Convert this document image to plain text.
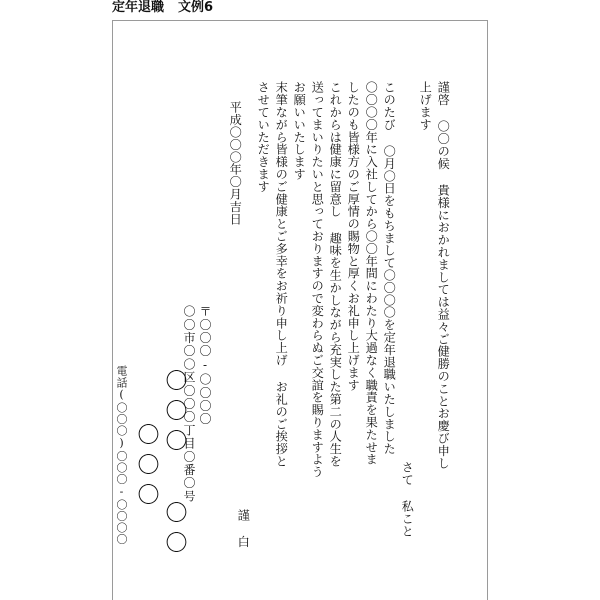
定年退職 文例6
謹啓 〇〇の候 貴様におかれましては益々ご健勝のことお慶び申し
上げます
さて 私こと
このたび 〇月〇日をもちまして〇〇〇〇を定年退職いたしました
〇〇〇〇年に入社してから〇〇年間にわたり大過なく職責を果たせま
したのも皆様方のご厚情の賜物と厚くお礼申し上げます
これからは健康に留意し 趣味を生かしながら充実した第二の人生を
送ってまいりたいと思っておりますので変わらぬご交誼を賜りますよう
お願いいたします
末筆ながら皆様のご健康とご多幸をお祈り申し上げ お礼のご挨拶と
させていただきます
謹白
平成〇〇〇年〇月吉日
〒〇〇〇-〇〇〇〇
〇〇市〇〇区〇〇〇丁目〇番〇号
〇〇〇
〇〇
〇〇〇
電話(〇〇〇)〇〇〇-〇〇〇〇
